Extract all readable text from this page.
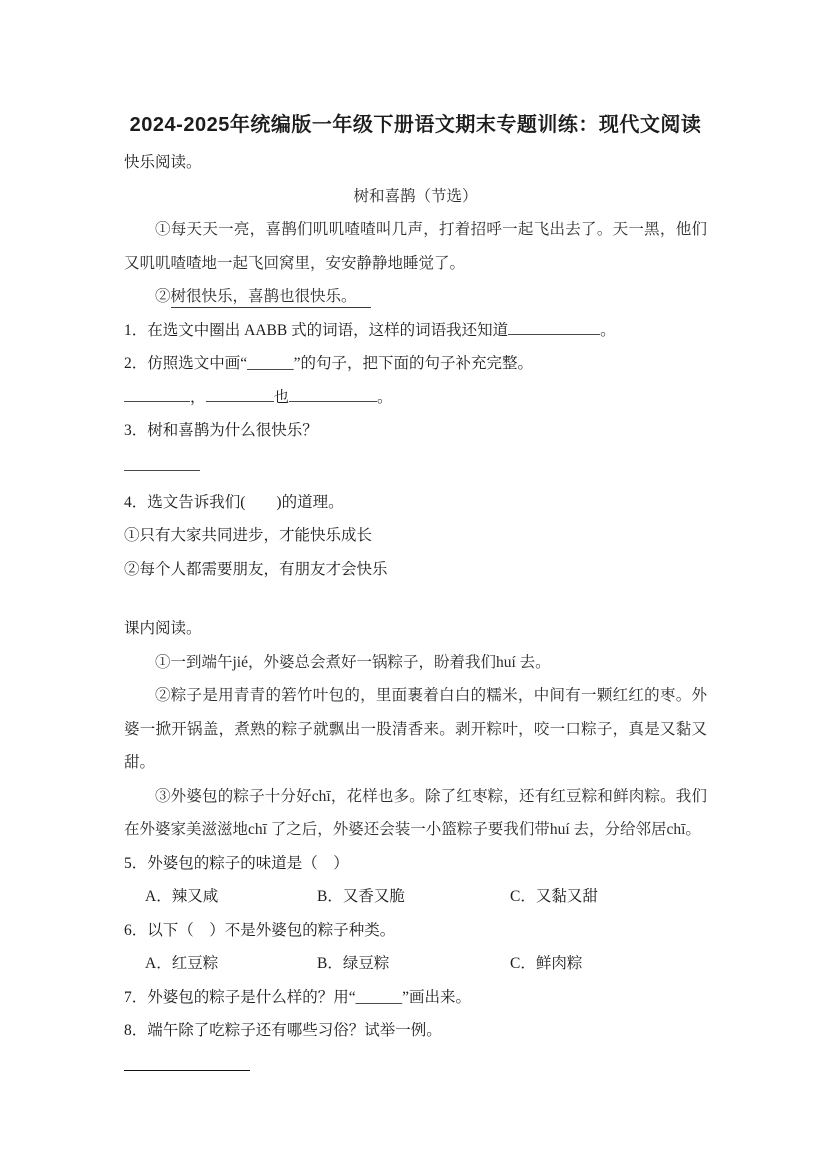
2024-2025年统编版一年级下册语文期末专题训练：现代文阅读

快乐阅读。

树和喜鹊（节选）

①每天天一亮，喜鹊们叽叽喳喳叫几声，打着招呼一起飞出去了。天一黑，他们又叽叽喳喳地一起飞回窝里，安安静静地睡觉了。

②树很快乐，喜鹊也很快乐。

1．在选文中圈出 AABB 式的词语，这样的词语我还知道	。

2．仿照选文中画“______”的句子，把下面的句子补充完整。

，	也	。

3．树和喜鹊为什么很快乐？

4．选文告诉我们(　　)的道理。

①只有大家共同进步，才能快乐成长

②每个人都需要朋友，有朋友才会快乐

课内阅读。

①一到端午jié，外婆总会煮好一锅粽子，盼着我们huí 去。

②粽子是用青青的箬竹叶包的，里面裹着白白的糯米，中间有一颗红红的枣。外婆一掀开锅盖，煮熟的粽子就飘出一股清香来。剥开粽叶，咬一口粽子，真是又黏又甜。

③外婆包的粽子十分好chī，花样也多。除了红枣粽，还有红豆粽和鲜肉粽。我们在外婆家美滋滋地chī 了之后，外婆还会装一小篮粽子要我们带huí 去，分给邻居chī。

5．外婆包的粽子的味道是（　）

A．辣又咸	B．又香又脆	C．又黏又甜

6．以下（　）不是外婆包的粽子种类。

A．红豆粽	B．绿豆粽	C．鲜肉粽

7．外婆包的粽子是什么样的？用“______”画出来。

8．端午除了吃粽子还有哪些习俗？试举一例。
